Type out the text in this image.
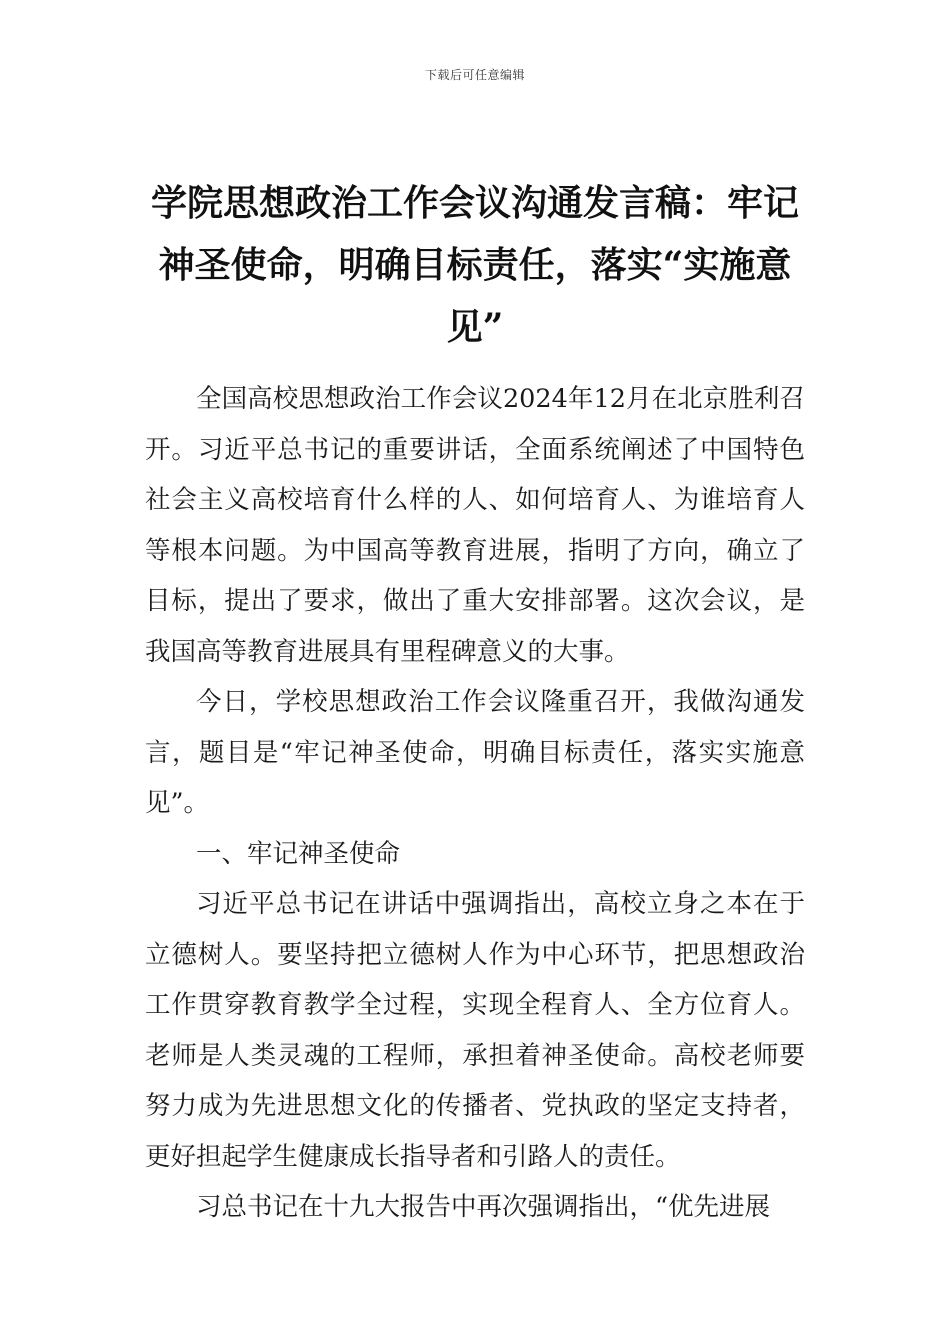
下载后可任意编辑
学院思想政治工作会议沟通发言稿：牢记神圣使命，明确目标责任，落实“实施意见”

全国高校思想政治工作会议2024年12月在北京胜利召开。习近平总书记的重要讲话，全面系统阐述了中国特色社会主义高校培育什么样的人、如何培育人、为谁培育人等根本问题。为中国高等教育进展，指明了方向，确立了目标，提出了要求，做出了重大安排部署。这次会议，是我国高等教育进展具有里程碑意义的大事。

今日，学校思想政治工作会议隆重召开，我做沟通发言，题目是“牢记神圣使命，明确目标责任，落实实施意见”。

一、牢记神圣使命

习近平总书记在讲话中强调指出，高校立身之本在于立德树人。要坚持把立德树人作为中心环节，把思想政治工作贯穿教育教学全过程，实现全程育人、全方位育人。老师是人类灵魂的工程师，承担着神圣使命。高校老师要努力成为先进思想文化的传播者、党执政的坚定支持者，更好担起学生健康成长指导者和引路人的责任。

习总书记在十九大报告中再次强调指出，“优先进展
